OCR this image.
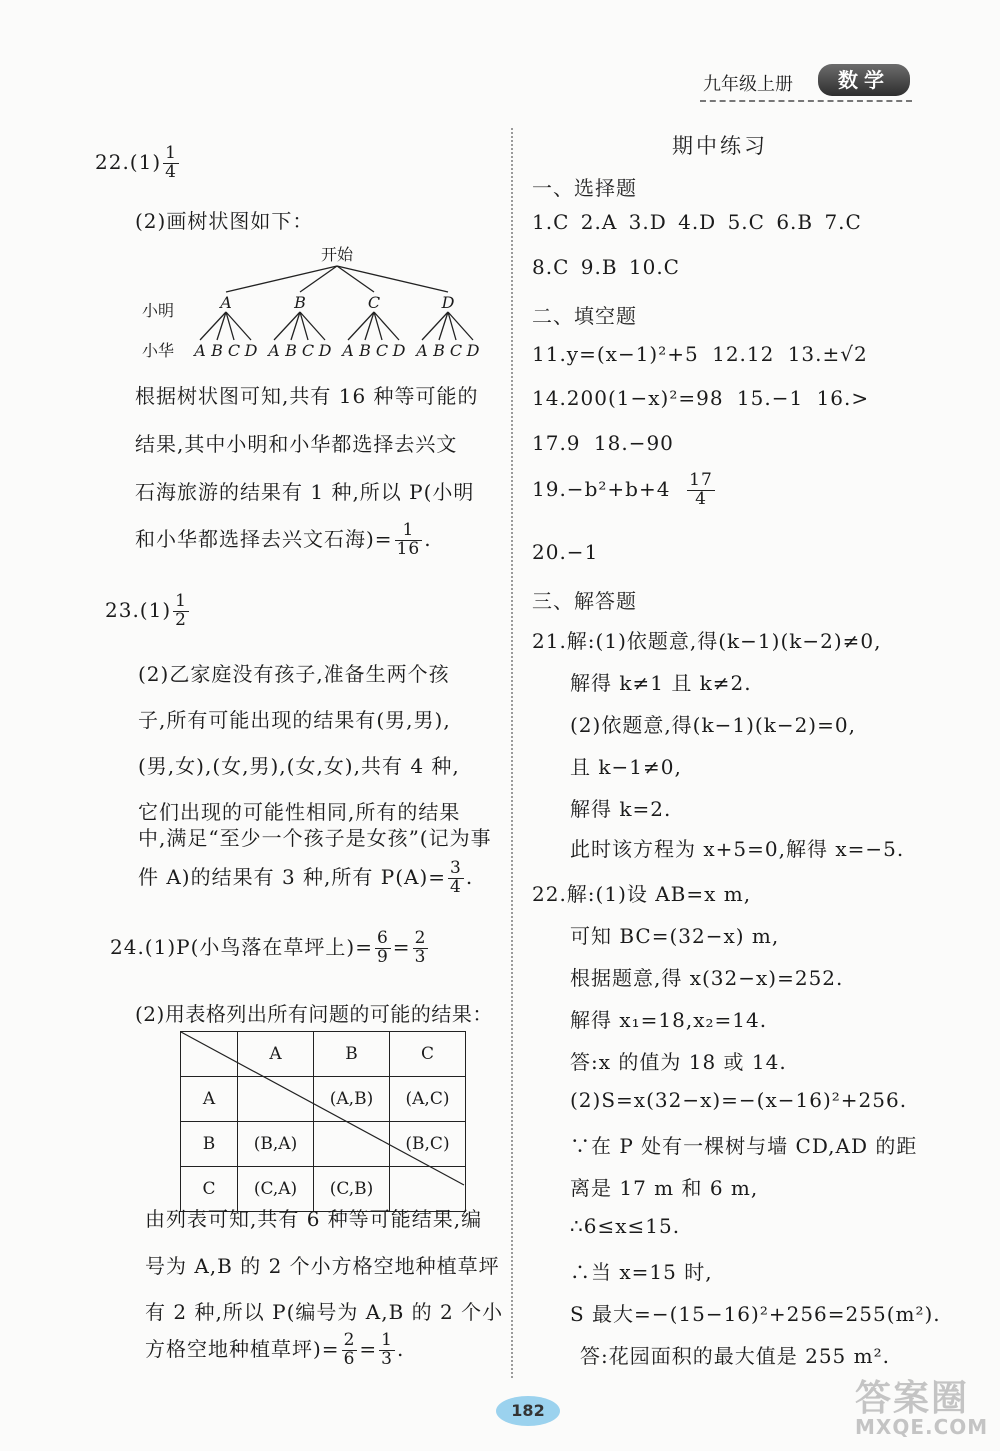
九年级上册	数学
$22.(1) \frac{1}{4}$
(2)画树状图如下：
开始
小明
小华
A	B	C	D
A B C D A B C D A B C D A B C D
根据树状图可知,共有 16 种等可能的
结果,其中小明和小华都选择去兴文
石海旅游的结果有 1 种,所以 P(小明
和小华都选择去兴文石海)= $\frac{1}{16}$ .
$23.(1) \frac{1}{2}$
(2)乙家庭没有孩子,准备生两个孩
子,所有可能出现的结果有(男,男),
(男,女),(女,男),(女,女),共有 4 种,
它们出现的可能性相同,所有的结果
中,满足“至少一个孩子是女孩”(记为事
件 A)的结果有 3 种,所有 $P(A)= \frac{3}{4}$ .
24.(1)P(小鸟落在草坪上)= $\frac{6}{9} = \frac{2}{3}$
(2)用表格列出所有问题的可能的结果：
	A	B	C
A		(A,B)	(A,C)
B	(B,A)		(B,C)
C	(C,A)	(C,B)	
由列表可知,共有 6 种等可能结果,编
号为 A,B 的 2 个小方格空地种植草坪
有 2 种,所以 P(编号为 A,B 的 2 个小
方格空地种植草坪)= $\frac{2}{6} = \frac{1}{3}$ .
期中练习
一、选择题
1.C 2.A 3.D 4.D 5.C 6.B 7.C
8.C 9.B 10.C
二、填空题
11.y=(x−1)²+5 12.12 13.±√2
14.200(1−x)²=98 15.−1 16.>
17.9 18.−90
$19.-b^2+b+4 \frac{17}{4}$
20.−1
三、解答题
21.解:(1)依题意,得(k−1)(k−2)≠0,
解得 k≠1 且 k≠2.
(2)依题意,得(k−1)(k−2)=0,
且 k−1≠0,
解得 k=2.
此时该方程为 x+5=0,解得 x=−5.
22.解:(1)设 AB=x m,
可知 BC=(32−x) m,
根据题意,得 x(32−x)=252.
解得 x₁=18,x₂=14.
答:x 的值为 18 或 14.
(2)S=x(32−x)=−(x−16)²+256.
∵在 P 处有一棵树与墙 CD,AD 的距
离是 17 m 和 6 m,
∴6≤x≤15.
∴当 x=15 时,
S 最大=−(15−16)²+256=255(m²).
答:花园面积的最大值是 255 m².
182	答案圈
MXQE.COM
